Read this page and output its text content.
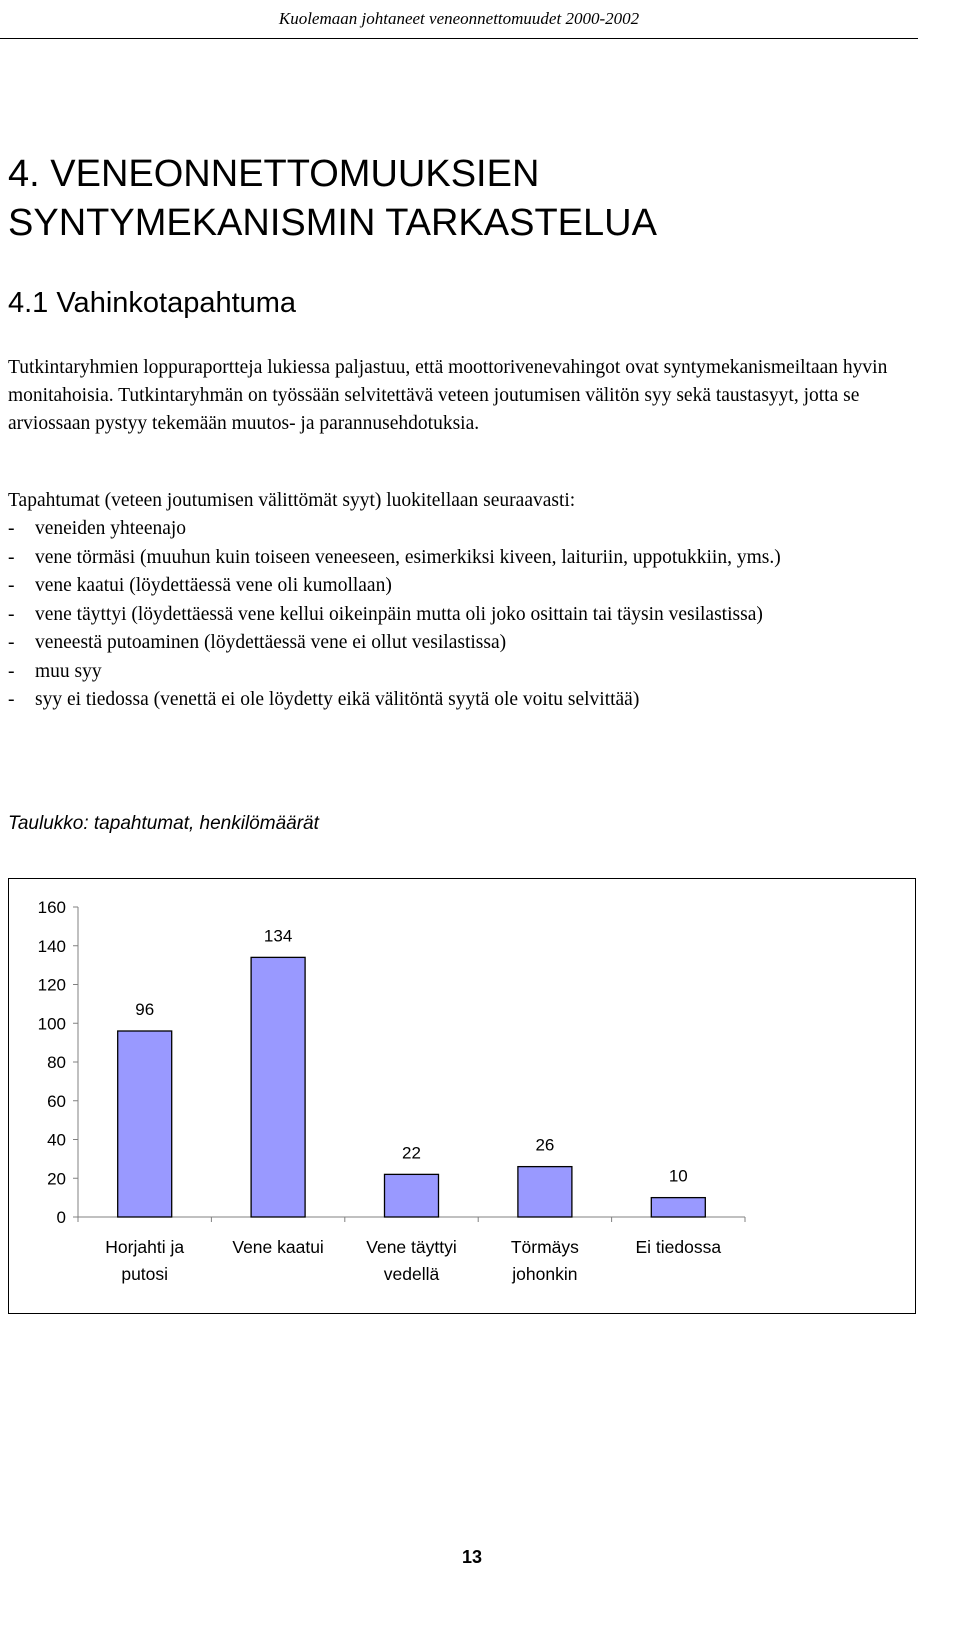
Kuolemaan johtaneet veneonnettomuudet 2000-2002
4. VENEONNETTOMUUKSIEN
SYNTYMEKANISMIN TARKASTELUA
4.1 Vahinkotapahtuma

Tutkintaryhmien loppuraportteja lukiessa paljastuu, että moottorivenevahingot ovat syntymekanismeiltaan hyvin monitahoisia. Tutkintaryhmän on työssään selvitettävä veteen joutumisen välitön syy sekä taustasyyt, jotta se arviossaan pystyy tekemään muutos- ja parannusehdotuksia.

Tapahtumat (veteen joutumisen välittömät syyt) luokitellaan seuraavasti:

- veneiden yhteenajo
- vene törmäsi (muuhun kuin toiseen veneeseen, esimerkiksi kiveen, laituriin, uppotukkiin, yms.)
- vene kaatui (löydettäessä vene oli kumollaan)
- vene täyttyi (löydettäessä vene kellui oikeinpäin mutta oli joko osittain tai täysin vesilastissa)
- veneestä putoaminen (löydettäessä vene ei ollut vesilastissa)
- muu syy
- syy ei tiedossa (venettä ei ole löydetty eikä välitöntä syytä ole voitu selvittää)
Taulukko: tapahtumat, henkilömäärät
0
20
40
60
80
100
120
140
160
96
Horjahti ja
putosi
134
Vene kaatui
22
Vene täyttyi
vedellä
26
Törmäys
johonkin
10
Ei tiedossa
13
